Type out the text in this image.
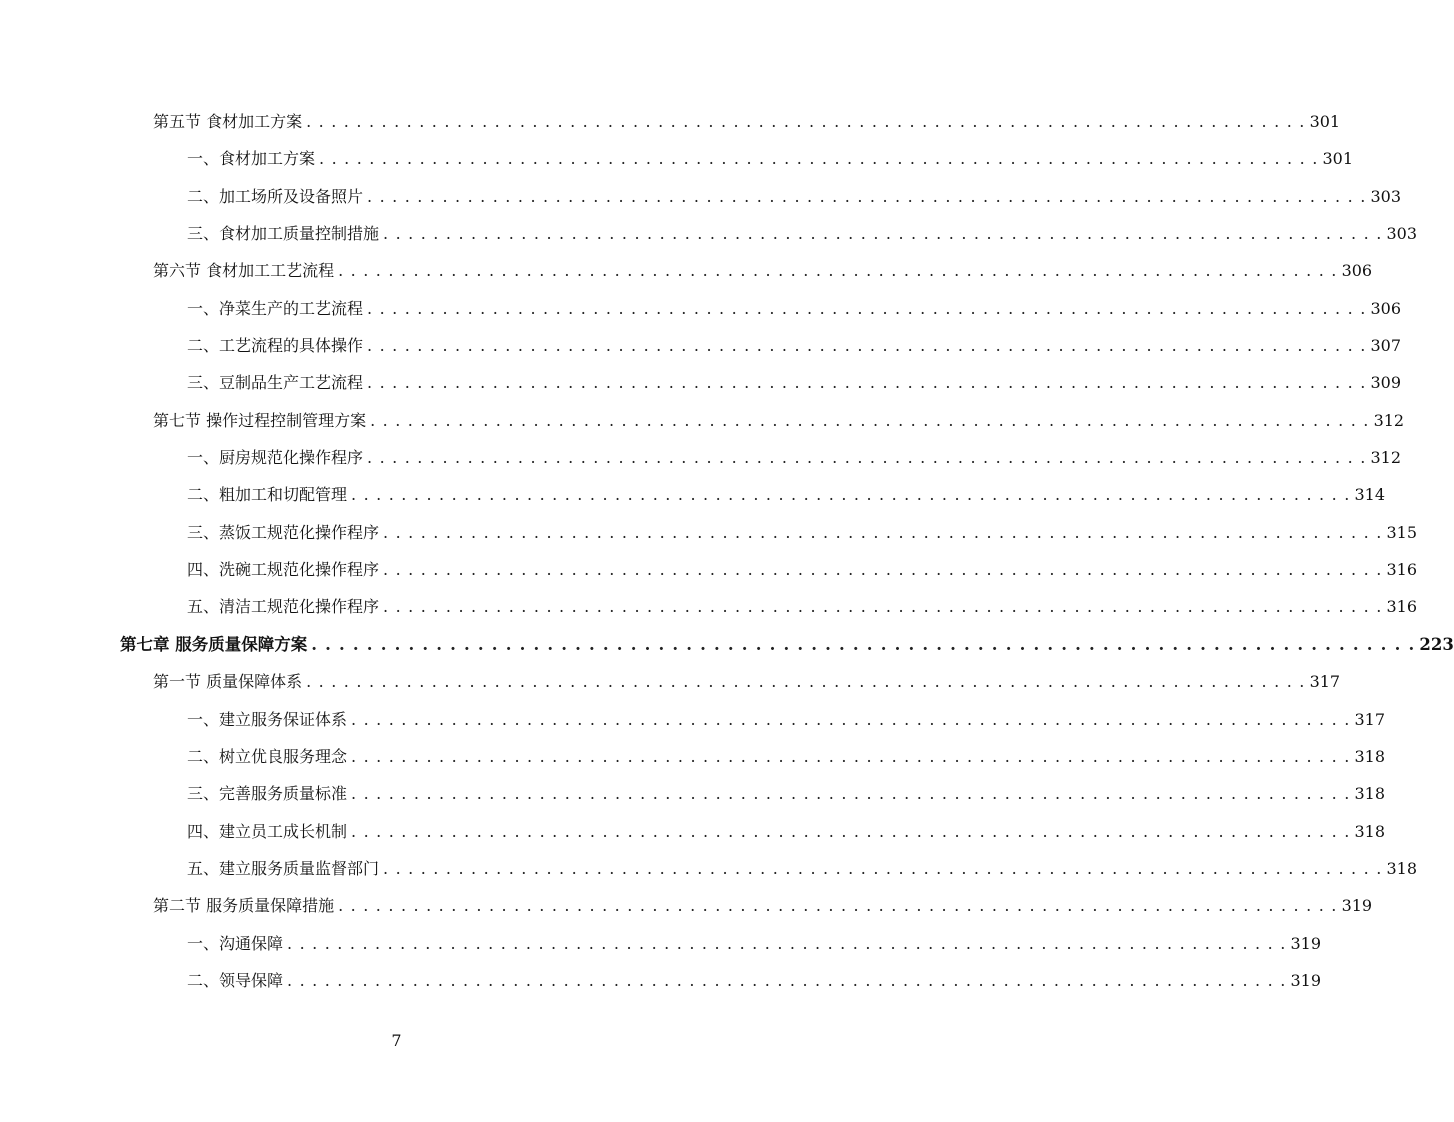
第五节 食材加工方案 . . . . . . . . . . . . . . . . . . . . . . . . . . . . . . . . . . . . . . . . . . . . . . . . . . . . . . . . . . . . . . . . . . . . . . . . . . . . . . . . 301
一、食材加工方案 . . . . . . . . . . . . . . . . . . . . . . . . . . . . . . . . . . . . . . . . . . . . . . . . . . . . . . . . . . . . . . . . . . . . . . . . . . . . . . . . 301
二、加工场所及设备照片 . . . . . . . . . . . . . . . . . . . . . . . . . . . . . . . . . . . . . . . . . . . . . . . . . . . . . . . . . . . . . . . . . . . . . . . . . . . . . . . . 303
三、食材加工质量控制措施 . . . . . . . . . . . . . . . . . . . . . . . . . . . . . . . . . . . . . . . . . . . . . . . . . . . . . . . . . . . . . . . . . . . . . . . . . . . . . . . . 303
第六节 食材加工工艺流程 . . . . . . . . . . . . . . . . . . . . . . . . . . . . . . . . . . . . . . . . . . . . . . . . . . . . . . . . . . . . . . . . . . . . . . . . . . . . . . . . 306
一、净菜生产的工艺流程 . . . . . . . . . . . . . . . . . . . . . . . . . . . . . . . . . . . . . . . . . . . . . . . . . . . . . . . . . . . . . . . . . . . . . . . . . . . . . . . . 306
二、工艺流程的具体操作 . . . . . . . . . . . . . . . . . . . . . . . . . . . . . . . . . . . . . . . . . . . . . . . . . . . . . . . . . . . . . . . . . . . . . . . . . . . . . . . . 307
三、豆制品生产工艺流程 . . . . . . . . . . . . . . . . . . . . . . . . . . . . . . . . . . . . . . . . . . . . . . . . . . . . . . . . . . . . . . . . . . . . . . . . . . . . . . . . 309
第七节 操作过程控制管理方案 . . . . . . . . . . . . . . . . . . . . . . . . . . . . . . . . . . . . . . . . . . . . . . . . . . . . . . . . . . . . . . . . . . . . . . . . . . . . . . . . 312
一、厨房规范化操作程序 . . . . . . . . . . . . . . . . . . . . . . . . . . . . . . . . . . . . . . . . . . . . . . . . . . . . . . . . . . . . . . . . . . . . . . . . . . . . . . . . 312
二、粗加工和切配管理 . . . . . . . . . . . . . . . . . . . . . . . . . . . . . . . . . . . . . . . . . . . . . . . . . . . . . . . . . . . . . . . . . . . . . . . . . . . . . . . . 314
三、蒸饭工规范化操作程序 . . . . . . . . . . . . . . . . . . . . . . . . . . . . . . . . . . . . . . . . . . . . . . . . . . . . . . . . . . . . . . . . . . . . . . . . . . . . . . . . 315
四、洗碗工规范化操作程序 . . . . . . . . . . . . . . . . . . . . . . . . . . . . . . . . . . . . . . . . . . . . . . . . . . . . . . . . . . . . . . . . . . . . . . . . . . . . . . . . 316
五、清洁工规范化操作程序 . . . . . . . . . . . . . . . . . . . . . . . . . . . . . . . . . . . . . . . . . . . . . . . . . . . . . . . . . . . . . . . . . . . . . . . . . . . . . . . . 316
第七章 服务质量保障方案 . . . . . . . . . . . . . . . . . . . . . . . . . . . . . . . . . . . . . . . . . . . . . . . . . . . . . . . . . . . . . . . . . . . . . . . . . . . . . . . . 223
第一节 质量保障体系 . . . . . . . . . . . . . . . . . . . . . . . . . . . . . . . . . . . . . . . . . . . . . . . . . . . . . . . . . . . . . . . . . . . . . . . . . . . . . . . . 317
一、建立服务保证体系 . . . . . . . . . . . . . . . . . . . . . . . . . . . . . . . . . . . . . . . . . . . . . . . . . . . . . . . . . . . . . . . . . . . . . . . . . . . . . . . . 317
二、树立优良服务理念 . . . . . . . . . . . . . . . . . . . . . . . . . . . . . . . . . . . . . . . . . . . . . . . . . . . . . . . . . . . . . . . . . . . . . . . . . . . . . . . . 318
三、完善服务质量标准 . . . . . . . . . . . . . . . . . . . . . . . . . . . . . . . . . . . . . . . . . . . . . . . . . . . . . . . . . . . . . . . . . . . . . . . . . . . . . . . . 318
四、建立员工成长机制 . . . . . . . . . . . . . . . . . . . . . . . . . . . . . . . . . . . . . . . . . . . . . . . . . . . . . . . . . . . . . . . . . . . . . . . . . . . . . . . . 318
五、建立服务质量监督部门 . . . . . . . . . . . . . . . . . . . . . . . . . . . . . . . . . . . . . . . . . . . . . . . . . . . . . . . . . . . . . . . . . . . . . . . . . . . . . . . . 318
第二节 服务质量保障措施 . . . . . . . . . . . . . . . . . . . . . . . . . . . . . . . . . . . . . . . . . . . . . . . . . . . . . . . . . . . . . . . . . . . . . . . . . . . . . . . . 319
一、沟通保障 . . . . . . . . . . . . . . . . . . . . . . . . . . . . . . . . . . . . . . . . . . . . . . . . . . . . . . . . . . . . . . . . . . . . . . . . . . . . . . . . 319
二、领导保障 . . . . . . . . . . . . . . . . . . . . . . . . . . . . . . . . . . . . . . . . . . . . . . . . . . . . . . . . . . . . . . . . . . . . . . . . . . . . . . . . 319
7
